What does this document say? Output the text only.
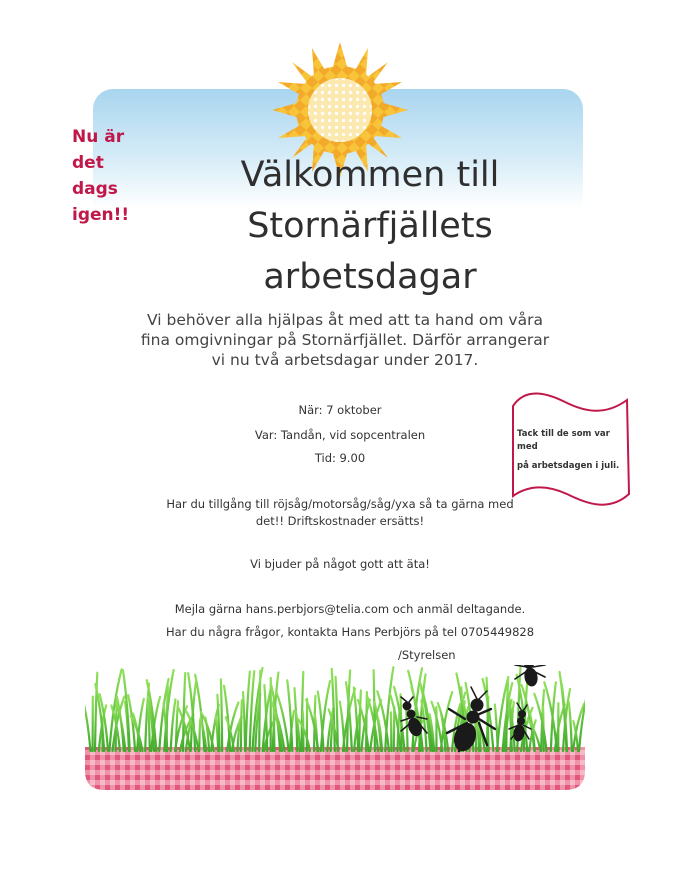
Nu är det dags igen!!
Välkommen till
Stornärfjällets
arbetsdagar
Vi behöver alla hjälpas åt med att ta hand om våra fina omgivningar på Stornärfjället. Därför arrangerar vi nu två arbetsdagar under 2017.
När: 7 oktober
Var: Tandån, vid sopcentralen
Tid: 9.00
Har du tillgång till röjsåg/motorsåg/såg/yxa så ta gärna med det!! Driftskostnader ersätts!
Vi bjuder på något gott att äta!
Mejla gärna hans.perbjors@telia.com och anmäl deltagande.
Har du några frågor, kontakta Hans Perbjörs på tel 0705449828
/Styrelsen
Tack till de som var med
på arbetsdagen i juli.
